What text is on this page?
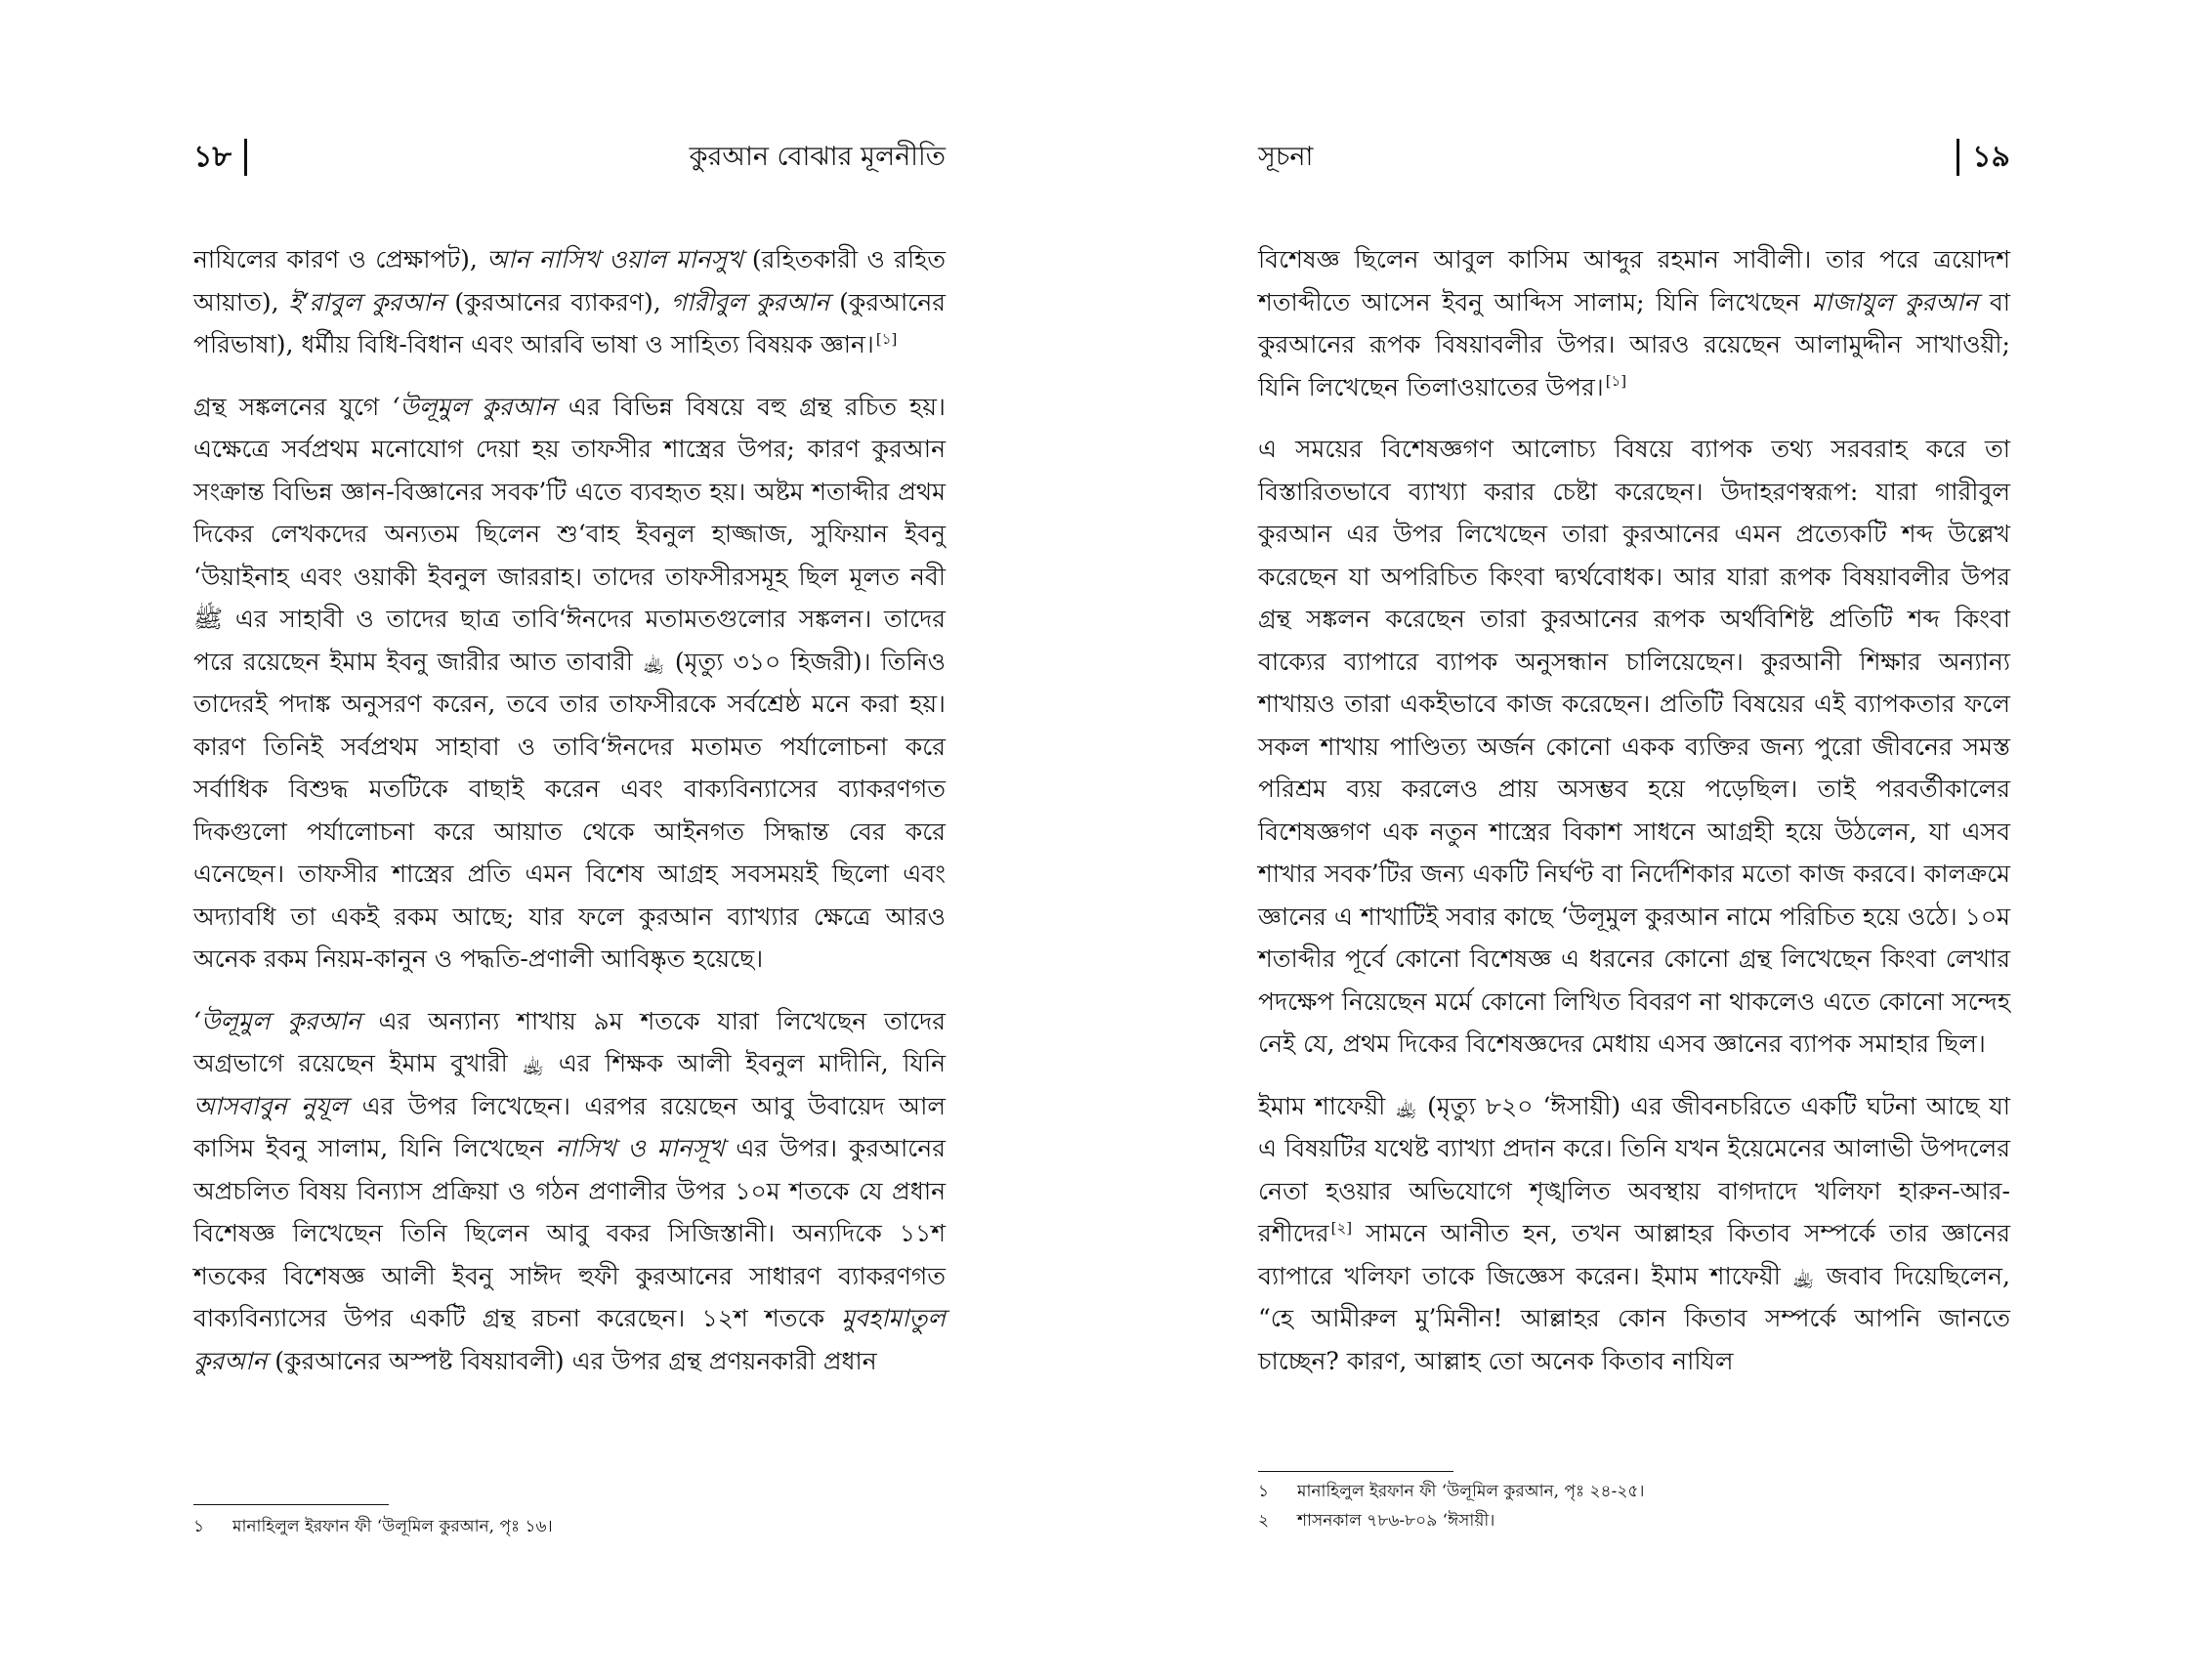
১৮	কুরআন বোঝার মূলনীতি

নাযিলের কারণ ও প্রেক্ষাপট), আন নাসিখ ওয়াল মানসুখ (রহিতকারী ও রহিত আয়াত), ই‘রাবুল কুরআন (কুরআনের ব্যাকরণ), গারীবুল কুরআন (কুরআনের পরিভাষা), ধর্মীয় বিধি-বিধান এবং আরবি ভাষা ও সাহিত্য বিষয়ক জ্ঞান। [১]

গ্রন্থ সঙ্কলনের যুগে ‘উলূমুল কুরআন এর বিভিন্ন বিষয়ে বহু গ্রন্থ রচিত হয়। এক্ষেত্রে সর্বপ্রথম মনোযোগ দেয়া হয় তাফসীর শাস্ত্রের উপর; কারণ কুরআন সংক্রান্ত বিভিন্ন জ্ঞান-বিজ্ঞানের সবক’টি এতে ব্যবহৃত হয়। অষ্টম শতাব্দীর প্রথম দিকের লেখকদের অন্যতম ছিলেন শু‘বাহ ইবনুল হাজ্জাজ, সুফিয়ান ইবনু ‘উয়াইনাহ এবং ওয়াকী ইবনুল জাররাহ। তাদের তাফসীরসমূহ ছিল মূলত নবী ﷺ এর সাহাবী ও তাদের ছাত্র তাবি‘ঈনদের মতামতগুলোর সঙ্কলন। তাদের পরে রয়েছেন ইমাম ইবনু জারীর আত তাবারী ﵀ (মৃত্যু ৩১০ হিজরী)। তিনিও তাদেরই পদাঙ্ক অনুসরণ করেন, তবে তার তাফসীরকে সর্বশ্রেষ্ঠ মনে করা হয়। কারণ তিনিই সর্বপ্রথম সাহাবা ও তাবি‘ঈনদের মতামত পর্যালোচনা করে সর্বাধিক বিশুদ্ধ মতটিকে বাছাই করেন এবং বাক্যবিন্যাসের ব্যাকরণগত দিকগুলো পর্যালোচনা করে আয়াত থেকে আইনগত সিদ্ধান্ত বের করে এনেছেন। তাফসীর শাস্ত্রের প্রতি এমন বিশেষ আগ্রহ সবসময়ই ছিলো এবং অদ্যাবধি তা একই রকম আছে; যার ফলে কুরআন ব্যাখ্যার ক্ষেত্রে আরও অনেক রকম নিয়ম-কানুন ও পদ্ধতি-প্রণালী আবিষ্কৃত হয়েছে।

‘উলূমুল কুরআন এর অন্যান্য শাখায় ৯ম শতকে যারা লিখেছেন তাদের অগ্রভাগে রয়েছেন ইমাম বুখারী ﵀ এর শিক্ষক আলী ইবনুল মাদীনি, যিনি আসবাবুন নুযূল এর উপর লিখেছেন। এরপর রয়েছেন আবু উবায়েদ আল কাসিম ইবনু সালাম, যিনি লিখেছেন নাসিখ ও মানসূখ এর উপর। কুরআনের অপ্রচলিত বিষয় বিন্যাস প্রক্রিয়া ও গঠন প্রণালীর উপর ১০ম শতকে যে প্রধান বিশেষজ্ঞ লিখেছেন তিনি ছিলেন আবু বকর সিজিস্তানী। অন্যদিকে ১১শ শতকের বিশেষজ্ঞ আলী ইবনু সাঈদ হুফী কুরআনের সাধারণ ব্যাকরণগত বাক্যবিন্যাসের উপর একটি গ্রন্থ রচনা করেছেন। ১২শ শতকে মুবহামাতুল কুরআন (কুরআনের অস্পষ্ট বিষয়াবলী) এর উপর গ্রন্থ প্রণয়নকারী প্রধান

১	মানাহিলুল ইরফান ফী ‘উলূমিল কুরআন, পৃঃ ১৬।
সূচনা	১৯

বিশেষজ্ঞ ছিলেন আবুল কাসিম আব্দুর রহমান সাবীলী। তার পরে ত্রয়োদশ শতাব্দীতে আসেন ইবনু আব্দিস সালাম; যিনি লিখেছেন মাজাযুল কুরআন বা কুরআনের রূপক বিষয়াবলীর উপর। আরও রয়েছেন আলামুদ্দীন সাখাওয়ী; যিনি লিখেছেন তিলাওয়াতের উপর। [১]

এ সময়ের বিশেষজ্ঞগণ আলোচ্য বিষয়ে ব্যাপক তথ্য সরবরাহ করে তা বিস্তারিতভাবে ব্যাখ্যা করার চেষ্টা করেছেন। উদাহরণস্বরূপ: যারা গারীবুল কুরআন এর উপর লিখেছেন তারা কুরআনের এমন প্রত্যেকটি শব্দ উল্লেখ করেছেন যা অপরিচিত কিংবা দ্ব্যর্থবোধক। আর যারা রূপক বিষয়াবলীর উপর গ্রন্থ সঙ্কলন করেছেন তারা কুরআনের রূপক অর্থবিশিষ্ট প্রতিটি শব্দ কিংবা বাক্যের ব্যাপারে ব্যাপক অনুসন্ধান চালিয়েছেন। কুরআনী শিক্ষার অন্যান্য শাখায়ও তারা একইভাবে কাজ করেছেন। প্রতিটি বিষয়ের এই ব্যাপকতার ফলে সকল শাখায় পাণ্ডিত্য অর্জন কোনো একক ব্যক্তির জন্য পুরো জীবনের সমস্ত পরিশ্রম ব্যয় করলেও প্রায় অসম্ভব হয়ে পড়েছিল। তাই পরবর্তীকালের বিশেষজ্ঞগণ এক নতুন শাস্ত্রের বিকাশ সাধনে আগ্রহী হয়ে উঠলেন, যা এসব শাখার সবক’টির জন্য একটি নির্ঘণ্ট বা নির্দেশিকার মতো কাজ করবে। কালক্রমে জ্ঞানের এ শাখাটিই সবার কাছে ‘উলূমুল কুরআন নামে পরিচিত হয়ে ওঠে। ১০ম শতাব্দীর পূর্বে কোনো বিশেষজ্ঞ এ ধরনের কোনো গ্রন্থ লিখেছেন কিংবা লেখার পদক্ষেপ নিয়েছেন মর্মে কোনো লিখিত বিবরণ না থাকলেও এতে কোনো সন্দেহ নেই যে, প্রথম দিকের বিশেষজ্ঞদের মেধায় এসব জ্ঞানের ব্যাপক সমাহার ছিল।

ইমাম শাফেয়ী ﵀ (মৃত্যু ৮২০ ‘ঈসায়ী) এর জীবনচরিতে একটি ঘটনা আছে যা এ বিষয়টির যথেষ্ট ব্যাখ্যা প্রদান করে। তিনি যখন ইয়েমেনের আলাভী উপদলের নেতা হওয়ার অভিযোগে শৃঙ্খলিত অবস্থায় বাগদাদে খলিফা হারুন-আর-রশীদের [২] সামনে আনীত হন, তখন আল্লাহর কিতাব সম্পর্কে তার জ্ঞানের ব্যাপারে খলিফা তাকে জিজ্ঞেস করেন। ইমাম শাফেয়ী ﵀ জবাব দিয়েছিলেন, “হে আমীরুল মু’মিনীন! আল্লাহর কোন কিতাব সম্পর্কে আপনি জানতে চাচ্ছেন? কারণ, আল্লাহ তো অনেক কিতাব নাযিল

১	মানাহিলুল ইরফান ফী ‘উলূমিল কুরআন, পৃঃ ২৪-২৫।
২	শাসনকাল ৭৮৬-৮০৯ ‘ঈসায়ী।
